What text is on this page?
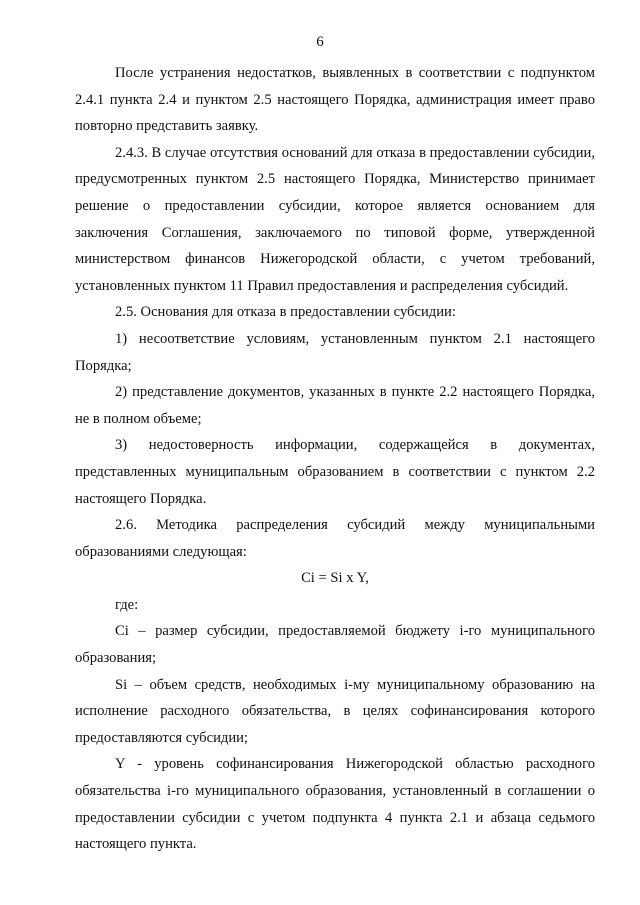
6

После устранения недостатков, выявленных в соответствии с подпунктом 2.4.1 пункта 2.4 и пунктом 2.5 настоящего Порядка, администрация имеет право повторно представить заявку.

2.4.3. В случае отсутствия оснований для отказа в предоставлении субсидии, предусмотренных пунктом 2.5 настоящего Порядка, Министерство принимает решение о предоставлении субсидии, которое является основанием для заключения Соглашения, заключаемого по типовой форме, утвержденной министерством финансов Нижегородской области, с учетом требований, установленных пунктом 11 Правил предоставления и распределения субсидий.

2.5. Основания для отказа в предоставлении субсидии:

1) несоответствие условиям, установленным пунктом 2.1 настоящего Порядка;

2) представление документов, указанных в пункте 2.2 настоящего Порядка, не в полном объеме;

3) недостоверность информации, содержащейся в документах, представленных муниципальным образованием в соответствии с пунктом 2.2 настоящего Порядка.

2.6. Методика распределения субсидий между муниципальными образованиями следующая:

Ci = Si x Y,

где:

Ci – размер субсидии, предоставляемой бюджету i-го муниципального образования;

Si – объем средств, необходимых i-му муниципальному образованию на исполнение расходного обязательства, в целях софинансирования которого предоставляются субсидии;

Y - уровень софинансирования Нижегородской областью расходного обязательства i-го муниципального образования, установленный в соглашении о предоставлении субсидии с учетом подпункта 4 пункта 2.1 и абзаца седьмого настоящего пункта.
